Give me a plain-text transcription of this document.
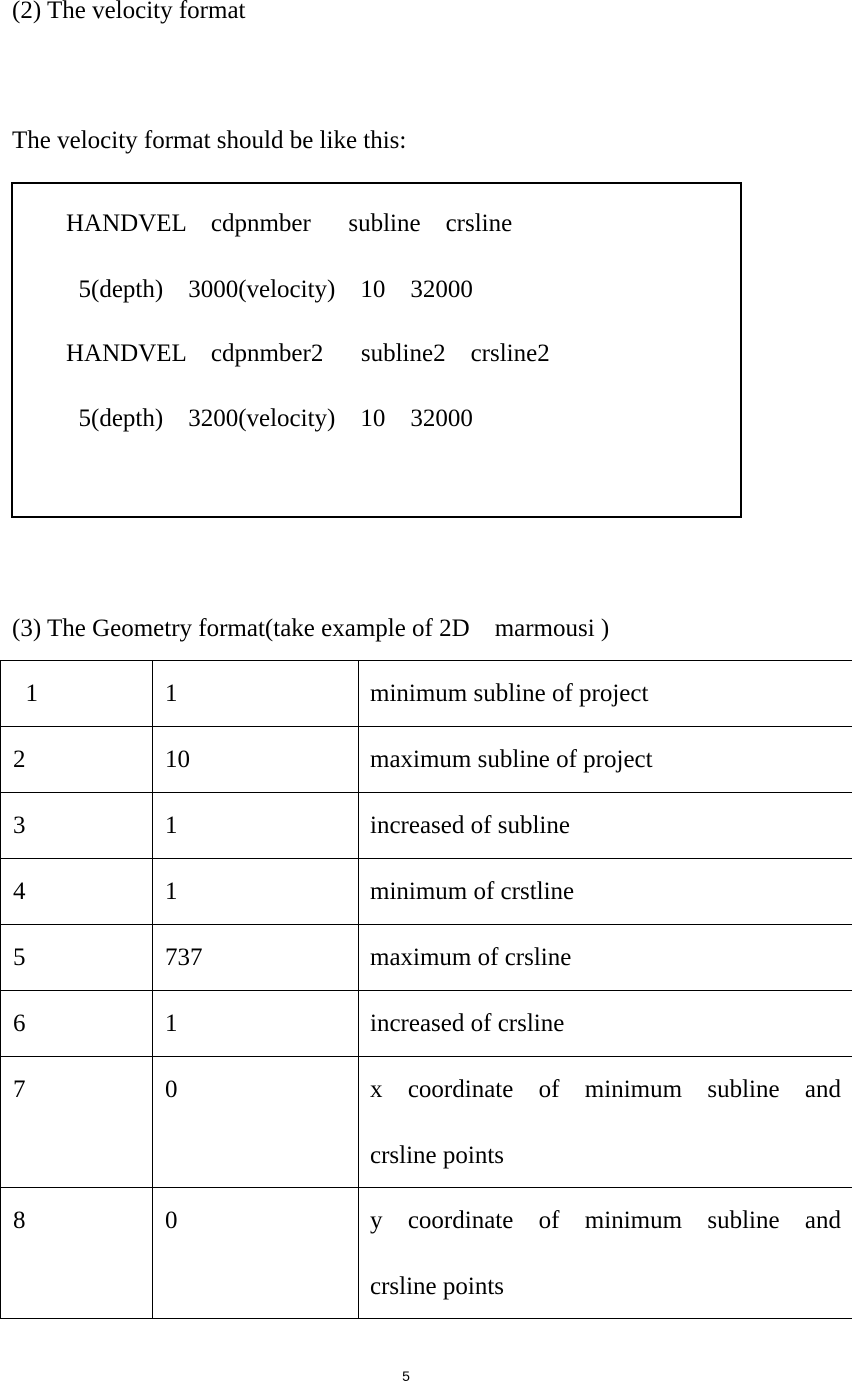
(2) The velocity format
The velocity format should be like this:
HANDVEL    cdpnmber      subline    crsline
5(depth)    3000(velocity)    10    32000
HANDVEL    cdpnmber2      subline2    crsline2
5(depth)    3200(velocity)    10    32000
(3) The Geometry format(take example of 2D    marmousi )
1	1	minimum subline of project

2	10	maximum subline of project

3	1	increased of subline

4	1	minimum of crstline

5	737	maximum of crsline

6	1	increased of crsline

7	0	x coordinate of minimum subline and
crsline points

8	0	y coordinate of minimum subline and
crsline points
5
